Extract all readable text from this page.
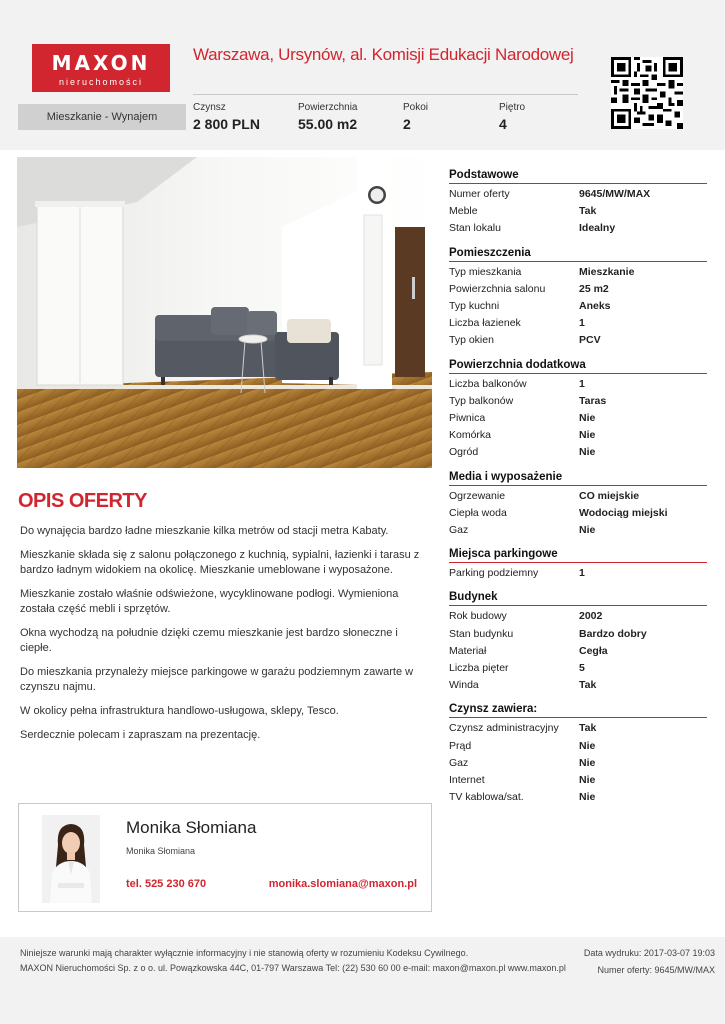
MAXON
nieruchomości
Warszawa, Ursynów, al. Komisji Edukacji Narodowej
Mieszkanie - Wynajem
Czynsz
2 800 PLN
Powierzchnia
55.00 m2
Pokoi
2
Piętro
4
OPIS OFERTY

Do wynajęcia bardzo ładne mieszkanie kilka metrów od stacji metra Kabaty.

Mieszkanie składa się z salonu połączonego z kuchnią, sypialni, łazienki i tarasu z bardzo ładnym widokiem na okolicę. Mieszkanie umeblowane i wyposażone.

Mieszkanie zostało właśnie odświeżone, wycyklinowane podłogi. Wymieniona została część mebli i sprzętów.

Okna wychodzą na południe dzięki czemu mieszkanie jest bardzo słoneczne i ciepłe.

Do mieszkania przynależy miejsce parkingowe w garażu podziemnym zawarte w czynszu najmu.

W okolicy pełna infrastruktura handlowo-usługowa, sklepy, Tesco.

Serdecznie polecam i zapraszam na prezentację.

Monika Słomiana
Monika Słomiana
tel. 525 230 670	monika.slomiana@maxon.pl
Podstawowe
Numer oferty	9645/MW/MAX
Meble	Tak
Stan lokalu	Idealny
Pomieszczenia
Typ mieszkania	Mieszkanie
Powierzchnia salonu	25 m2
Typ kuchni	Aneks
Liczba łazienek	1
Typ okien	PCV
Powierzchnia dodatkowa
Liczba balkonów	1
Typ balkonów	Taras
Piwnica	Nie
Komórka	Nie
Ogród	Nie
Media i wyposażenie
Ogrzewanie	CO miejskie
Ciepła woda	Wodociąg miejski
Gaz	Nie
Miejsca parkingowe
Parking podziemny	1
Budynek
Rok budowy	2002
Stan budynku	Bardzo dobry
Materiał	Cegła
Liczba pięter	5
Winda	Tak
Czynsz zawiera:
Czynsz administracyjny	Tak
Prąd	Nie
Gaz	Nie
Internet	Nie
TV kablowa/sat.	Nie
Niniejsze warunki mają charakter wyłącznie informacyjny i nie stanowią oferty w rozumieniu Kodeksu Cywilnego.
MAXON Nieruchomości Sp. z o o. ul. Powązkowska 44C, 01-797 Warszawa Tel: (22) 530 60 00 e-mail: maxon@maxon.pl www.maxon.pl
Data wydruku: 2017-03-07 19:03
Numer oferty: 9645/MW/MAX
